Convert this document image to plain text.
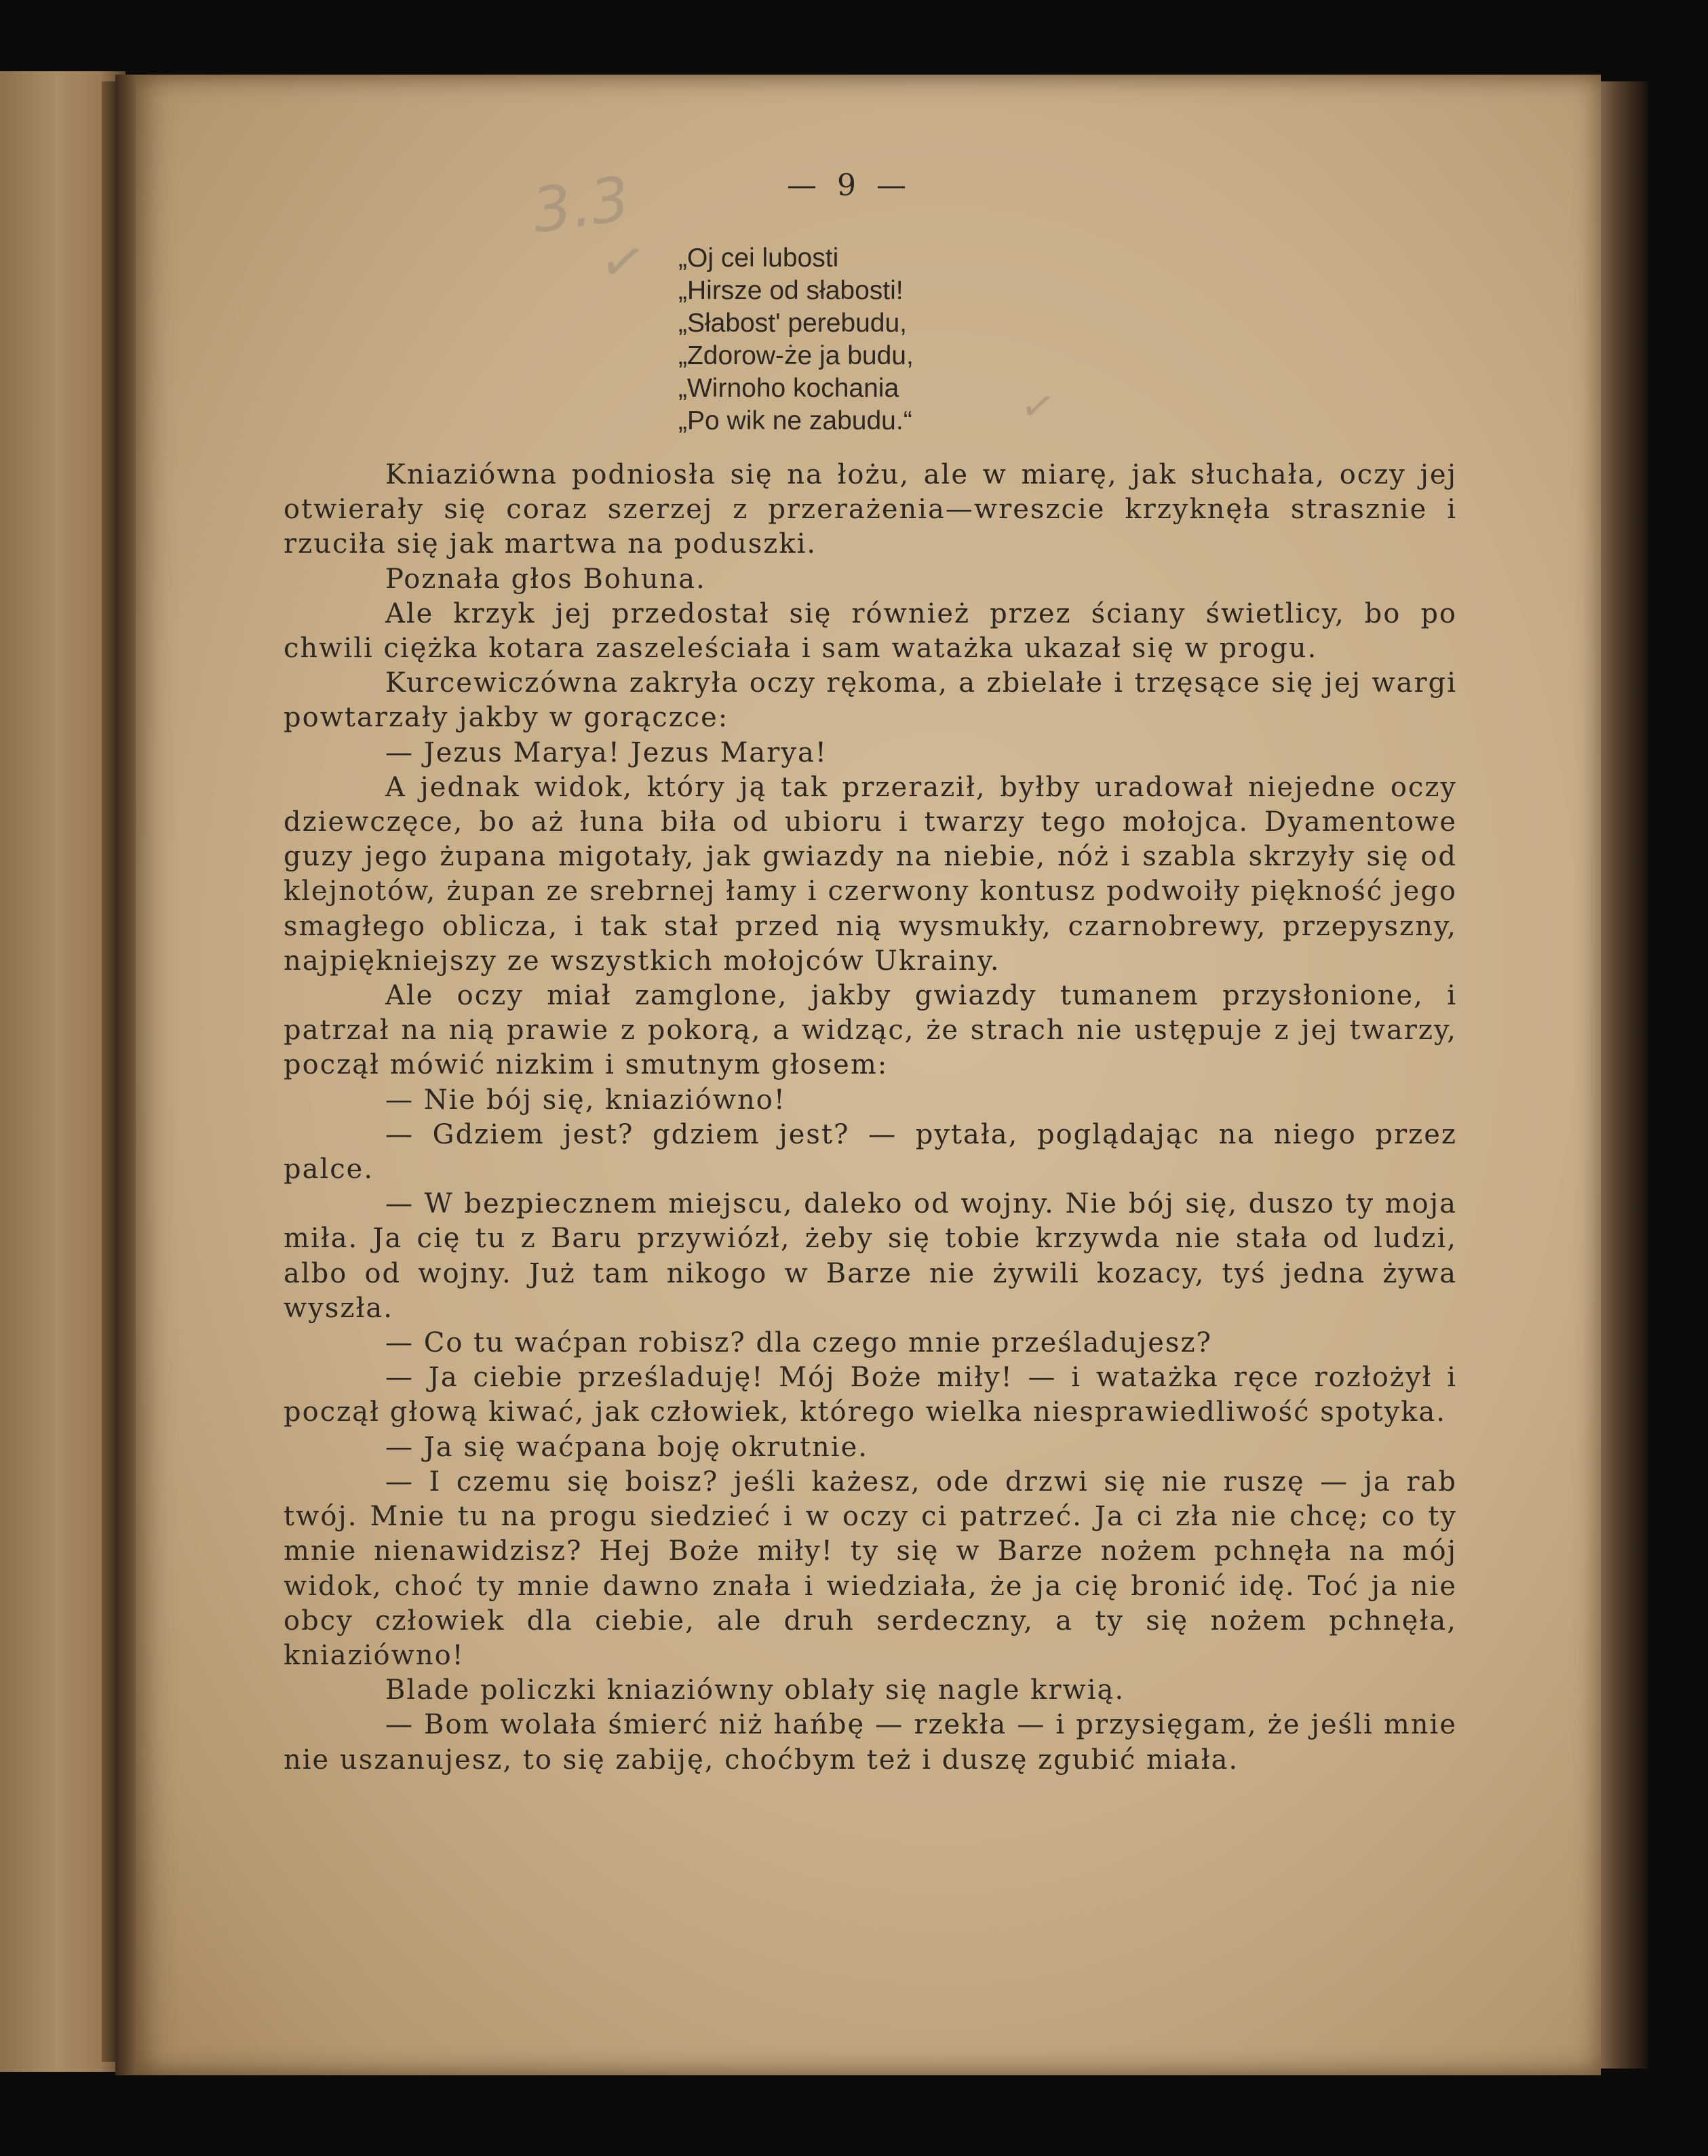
3.3
✓
✓
— 9 —
„Oj cei lubosti
„Hirsze od słabosti!
„Słabost' perebudu,
„Zdorow-że ja budu,
„Wirnoho kochania
„Po wik ne zabudu.“

Kniaziówna podniosła się na łożu, ale w miarę, jak słuchała, oczy jej otwierały się coraz szerzej z przerażenia—wreszcie krzyknęła strasznie i rzuciła się jak martwa na poduszki.

Poznała głos Bohuna.

Ale krzyk jej przedostał się również przez ściany świetlicy, bo po chwili ciężka kotara zaszeleściała i sam watażka ukazał się w progu.

Kurcewiczówna zakryła oczy rękoma, a zbielałe i trzęsące się jej wargi powtarzały jakby w gorączce:

— Jezus Marya! Jezus Marya!

A jednak widok, który ją tak przeraził, byłby uradował niejedne oczy dziewczęce, bo aż łuna biła od ubioru i twarzy tego mołojca. Dyamentowe guzy jego żupana migotały, jak gwiazdy na niebie, nóż i szabla skrzyły się od klejnotów, żupan ze srebrnej łamy i czerwony kontusz podwoiły piękność jego smagłego oblicza, i tak stał przed nią wysmukły, czarnobrewy, przepyszny, najpiękniejszy ze wszystkich mołojców Ukrainy.

Ale oczy miał zamglone, jakby gwiazdy tumanem przysłonione, i patrzał na nią prawie z pokorą, a widząc, że strach nie ustępuje z jej twarzy, począł mówić nizkim i smutnym głosem:

— Nie bój się, kniaziówno!

— Gdziem jest? gdziem jest? — pytała, poglądając na niego przez palce.

— W bezpiecznem miejscu, daleko od wojny. Nie bój się, duszo ty moja miła. Ja cię tu z Baru przywiózł, żeby się tobie krzywda nie stała od ludzi, albo od wojny. Już tam nikogo w Barze nie żywili kozacy, tyś jedna żywa wyszła.

— Co tu waćpan robisz? dla czego mnie prześladujesz?

— Ja ciebie prześladuję! Mój Boże miły! — i watażka ręce rozłożył i począł głową kiwać, jak człowiek, którego wielka niesprawiedliwość spotyka.

— Ja się waćpana boję okrutnie.

— I czemu się boisz? jeśli każesz, ode drzwi się nie ruszę — ja rab twój. Mnie tu na progu siedzieć i w oczy ci patrzeć. Ja ci zła nie chcę; co ty mnie nienawidzisz? Hej Boże miły! ty się w Barze nożem pchnęła na mój widok, choć ty mnie dawno znała i wiedziała, że ja cię bronić idę. Toć ja nie obcy człowiek dla ciebie, ale druh serdeczny, a ty się nożem pchnęła, kniaziówno!

Blade policzki kniaziówny oblały się nagle krwią.

— Bom wolała śmierć niż hańbę — rzekła — i przysięgam, że jeśli mnie nie uszanujesz, to się zabiję, choćbym też i duszę zgubić miała.
